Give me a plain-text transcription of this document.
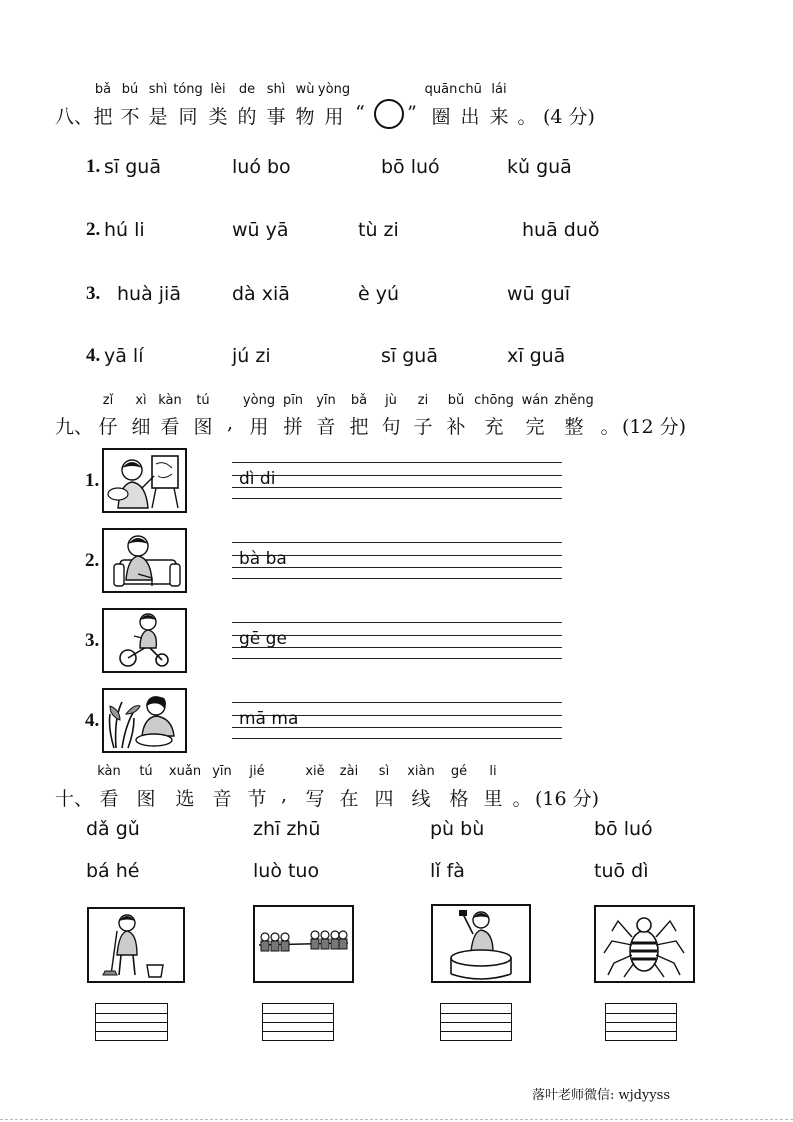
bǎ bú shì tóng lèi de shì wù yòng	quān chū lái
八、 把 不 是 同 类 的 事 物 用 “ ” 圈 出 来 。 (4 分)
1. sī guā	luó bo	bō luó	kǔ guā
2. hú li	wū yā	tù zi	huā duǒ
3. huà jiā	dà xiā	è yú	wū guī
4. yā lí	jú zi	sī guā	xī guā
zǐ xì kàn tú	yòng pīn yīn bǎ jù zi bǔ chōng wán zhěng
九、 仔 细 看 图 , 用 拼 音 把 句 子 补 充 完 整 。 (12 分)
1.	dì di
2.	bà ba
3.	gē ge
4.	mā ma
kàn tú xuǎn yīn jié	xiě zài sì xiàn gé li
十、 看 图 选 音 节 , 写 在 四 线 格 里 。 (16 分)
dǎ gǔ	zhī zhū	pù bù	bō luó
bá hé	luò tuo	lǐ fà	tuō dì
落叶老师微信: wjdyyss
